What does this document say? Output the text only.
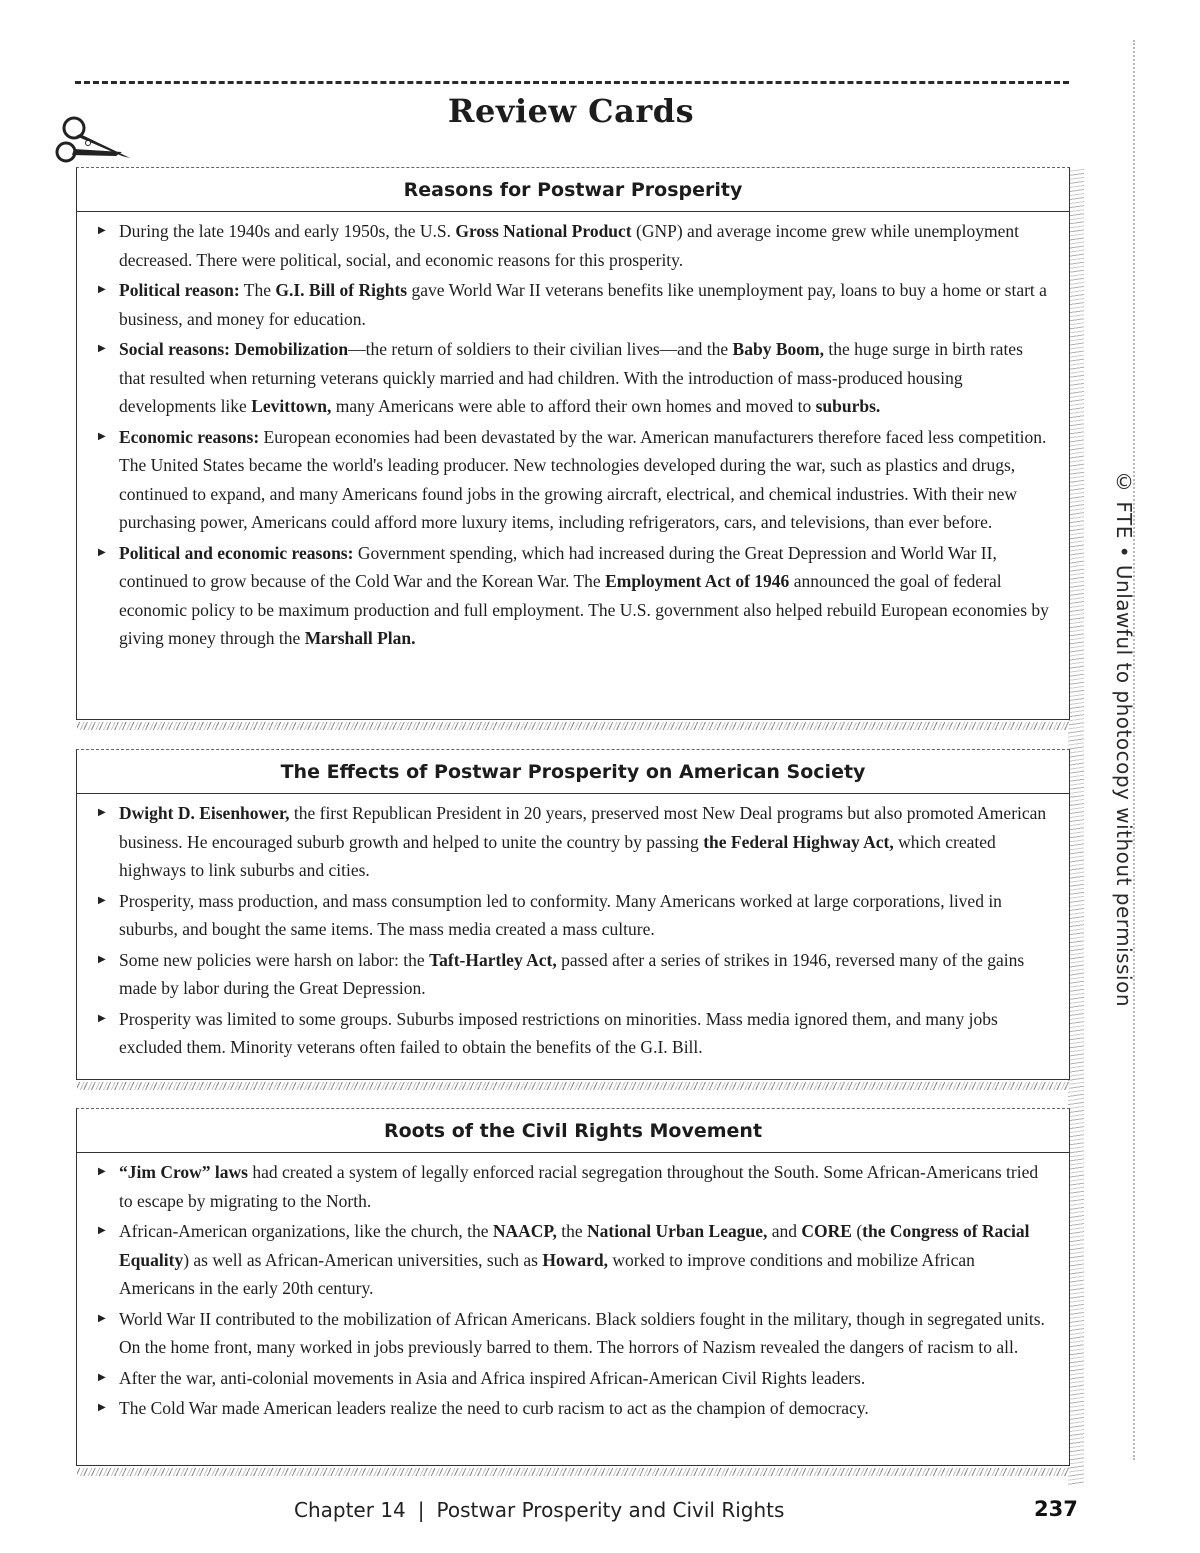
Review Cards

© FTE • Unlawful to photocopy without permission

Reasons for Postwar Prosperity
▶ During the late 1940s and early 1950s, the U.S. Gross National Product (GNP) and average income grew while unemployment decreased. There were political, social, and economic reasons for this prosperity.
▶ Political reason: The G.I. Bill of Rights gave World War II veterans benefits like unemployment pay, loans to buy a home or start a business, and money for education.
▶ Social reasons: Demobilization—the return of soldiers to their civilian lives—and the Baby Boom, the huge surge in birth rates that resulted when returning veterans quickly married and had children. With the introduction of mass-produced housing developments like Levittown, many Americans were able to afford their own homes and moved to suburbs.
▶ Economic reasons: European economies had been devastated by the war. American manufacturers therefore faced less competition. The United States became the world's leading producer. New technologies developed during the war, such as plastics and drugs, continued to expand, and many Americans found jobs in the growing aircraft, electrical, and chemical industries. With their new purchasing power, Americans could afford more luxury items, including refrigerators, cars, and televisions, than ever before.
▶ Political and economic reasons: Government spending, which had increased during the Great Depression and World War II, continued to grow because of the Cold War and the Korean War. The Employment Act of 1946 announced the goal of federal economic policy to be maximum production and full employment. The U.S. government also helped rebuild European economies by giving money through the Marshall Plan.
The Effects of Postwar Prosperity on American Society
▶ Dwight D. Eisenhower, the first Republican President in 20 years, preserved most New Deal programs but also promoted American business. He encouraged suburb growth and helped to unite the country by passing the Federal Highway Act, which created highways to link suburbs and cities.
▶ Prosperity, mass production, and mass consumption led to conformity. Many Americans worked at large corporations, lived in suburbs, and bought the same items. The mass media created a mass culture.
▶ Some new policies were harsh on labor: the Taft-Hartley Act, passed after a series of strikes in 1946, reversed many of the gains made by labor during the Great Depression.
▶ Prosperity was limited to some groups. Suburbs imposed restrictions on minorities. Mass media ignored them, and many jobs excluded them. Minority veterans often failed to obtain the benefits of the G.I. Bill.
Roots of the Civil Rights Movement
▶ “Jim Crow” laws had created a system of legally enforced racial segregation throughout the South. Some African-Americans tried to escape by migrating to the North.
▶ African-American organizations, like the church, the NAACP, the National Urban League, and CORE (the Congress of Racial Equality) as well as African-American universities, such as Howard, worked to improve conditions and mobilize African Americans in the early 20th century.
▶ World War II contributed to the mobilization of African Americans. Black soldiers fought in the military, though in segregated units. On the home front, many worked in jobs previously barred to them. The horrors of Nazism revealed the dangers of racism to all.
▶ After the war, anti-colonial movements in Asia and Africa inspired African-American Civil Rights leaders.
▶ The Cold War made American leaders realize the need to curb racism to act as the champion of democracy.

Chapter 14 | Postwar Prosperity and Civil Rights	237
